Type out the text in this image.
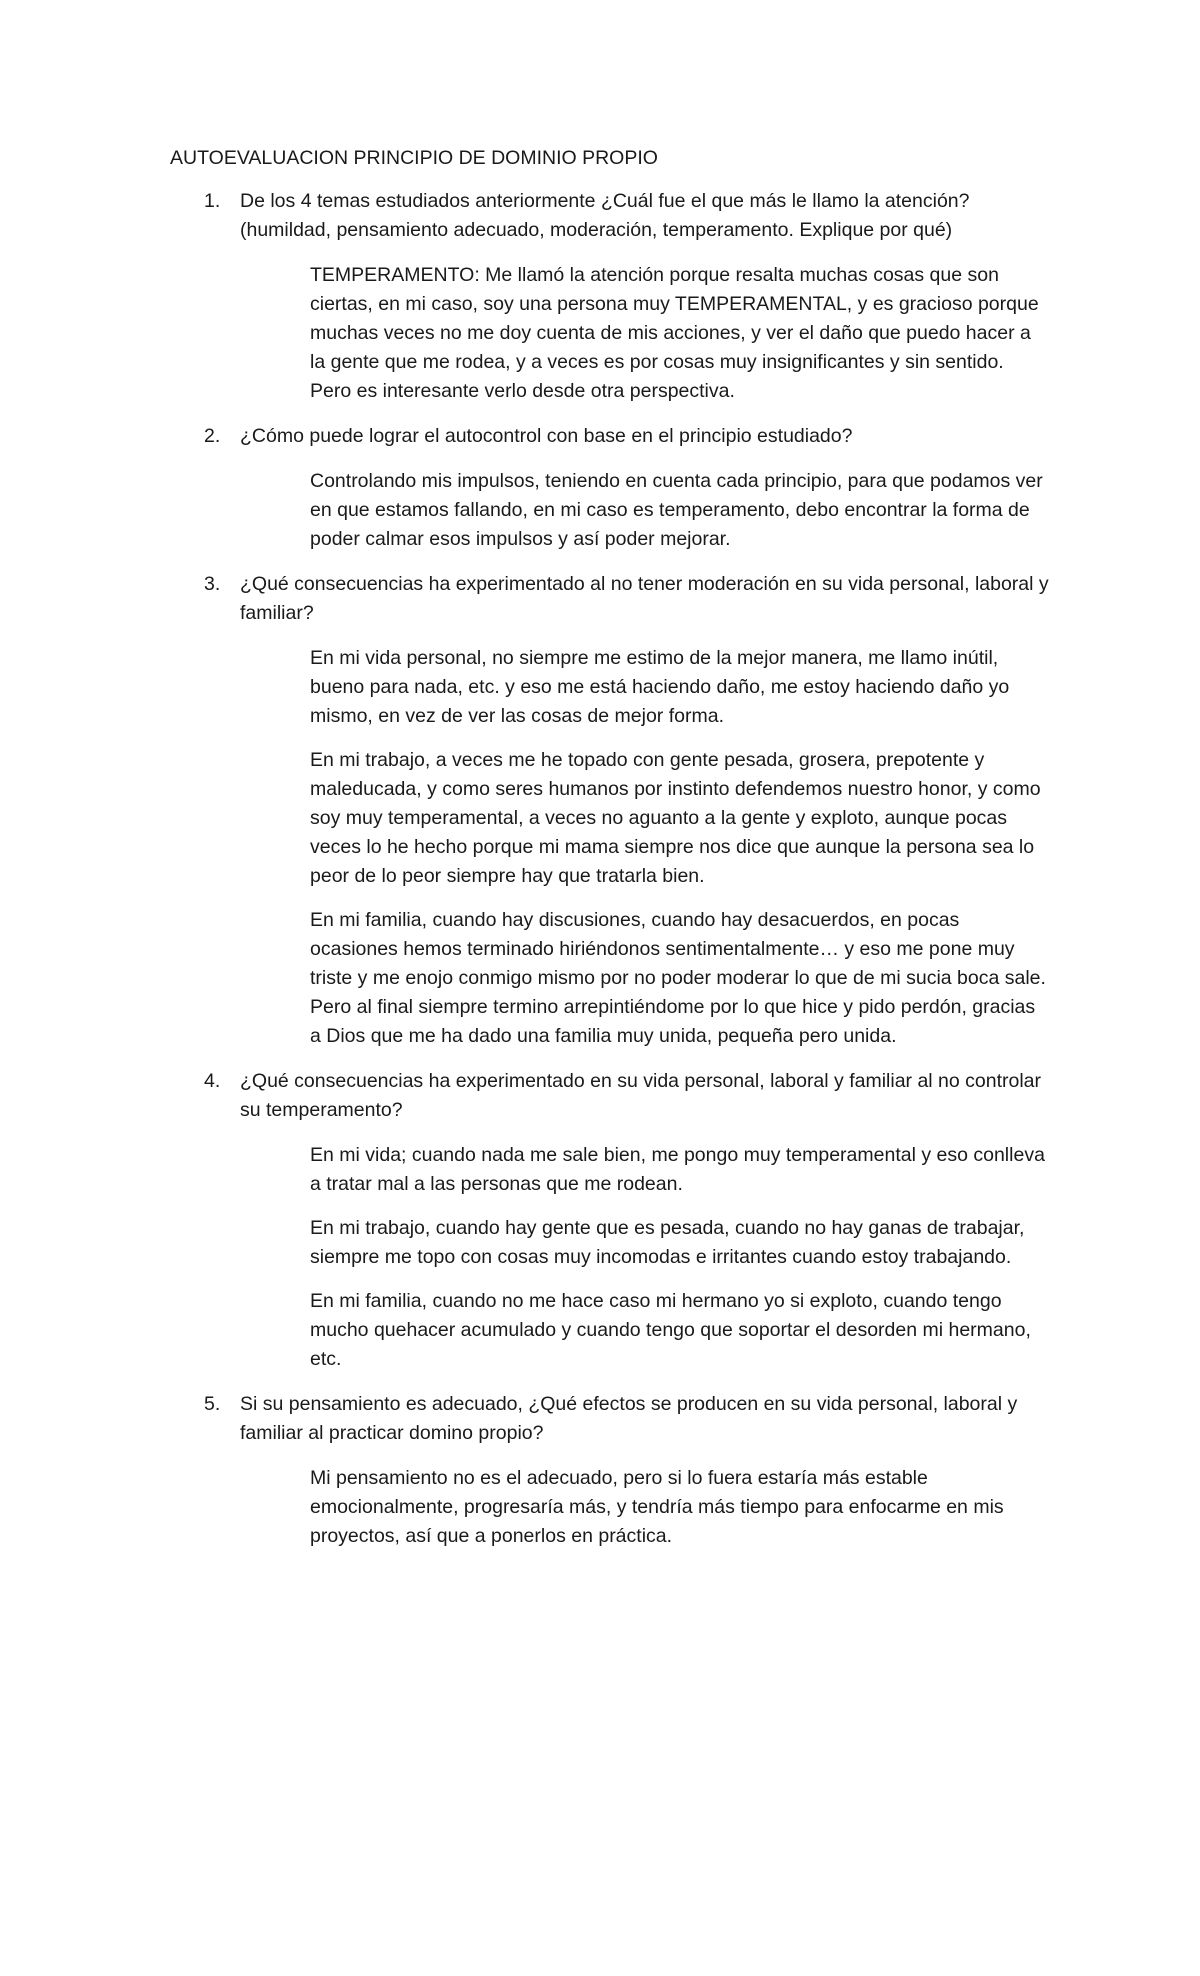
AUTOEVALUACION PRINCIPIO DE DOMINIO PROPIO
1. De los 4 temas estudiados anteriormente ¿Cuál fue el que más le llamo la atención? (humildad, pensamiento adecuado, moderación, temperamento. Explique por qué)

TEMPERAMENTO: Me llamó la atención porque resalta muchas cosas que son ciertas, en mi caso, soy una persona muy TEMPERAMENTAL, y es gracioso porque muchas veces no me doy cuenta de mis acciones, y ver el daño que puedo hacer a la gente que me rodea, y a veces es por cosas muy insignificantes y sin sentido. Pero es interesante verlo desde otra perspectiva.

2. ¿Cómo puede lograr el autocontrol con base en el principio estudiado?

Controlando mis impulsos, teniendo en cuenta cada principio, para que podamos ver en que estamos fallando, en mi caso es temperamento, debo encontrar la forma de poder calmar esos impulsos y así poder mejorar.

3. ¿Qué consecuencias ha experimentado al no tener moderación en su vida personal, laboral y familiar?

En mi vida personal, no siempre me estimo de la mejor manera, me llamo inútil, bueno para nada, etc. y eso me está haciendo daño, me estoy haciendo daño yo mismo, en vez de ver las cosas de mejor forma.

En mi trabajo, a veces me he topado con gente pesada, grosera, prepotente y maleducada, y como seres humanos por instinto defendemos nuestro honor, y como soy muy temperamental, a veces no aguanto a la gente y exploto, aunque pocas veces lo he hecho porque mi mama siempre nos dice que aunque la persona sea lo peor de lo peor siempre hay que tratarla bien.

En mi familia, cuando hay discusiones, cuando hay desacuerdos, en pocas ocasiones hemos terminado hiriéndonos sentimentalmente… y eso me pone muy triste y me enojo conmigo mismo por no poder moderar lo que de mi sucia boca sale. Pero al final siempre termino arrepintiéndome por lo que hice y pido perdón, gracias a Dios que me ha dado una familia muy unida, pequeña pero unida.

4. ¿Qué consecuencias ha experimentado en su vida personal, laboral y familiar al no controlar su temperamento?

En mi vida; cuando nada me sale bien, me pongo muy temperamental y eso conlleva a tratar mal a las personas que me rodean.

En mi trabajo, cuando hay gente que es pesada, cuando no hay ganas de trabajar, siempre me topo con cosas muy incomodas e irritantes cuando estoy trabajando.

En mi familia, cuando no me hace caso mi hermano yo si exploto, cuando tengo mucho quehacer acumulado y cuando tengo que soportar el desorden mi hermano, etc.

5. Si su pensamiento es adecuado, ¿Qué efectos se producen en su vida personal, laboral y familiar al practicar domino propio?

Mi pensamiento no es el adecuado, pero si lo fuera estaría más estable emocionalmente, progresaría más, y tendría más tiempo para enfocarme en mis proyectos, así que a ponerlos en práctica.
